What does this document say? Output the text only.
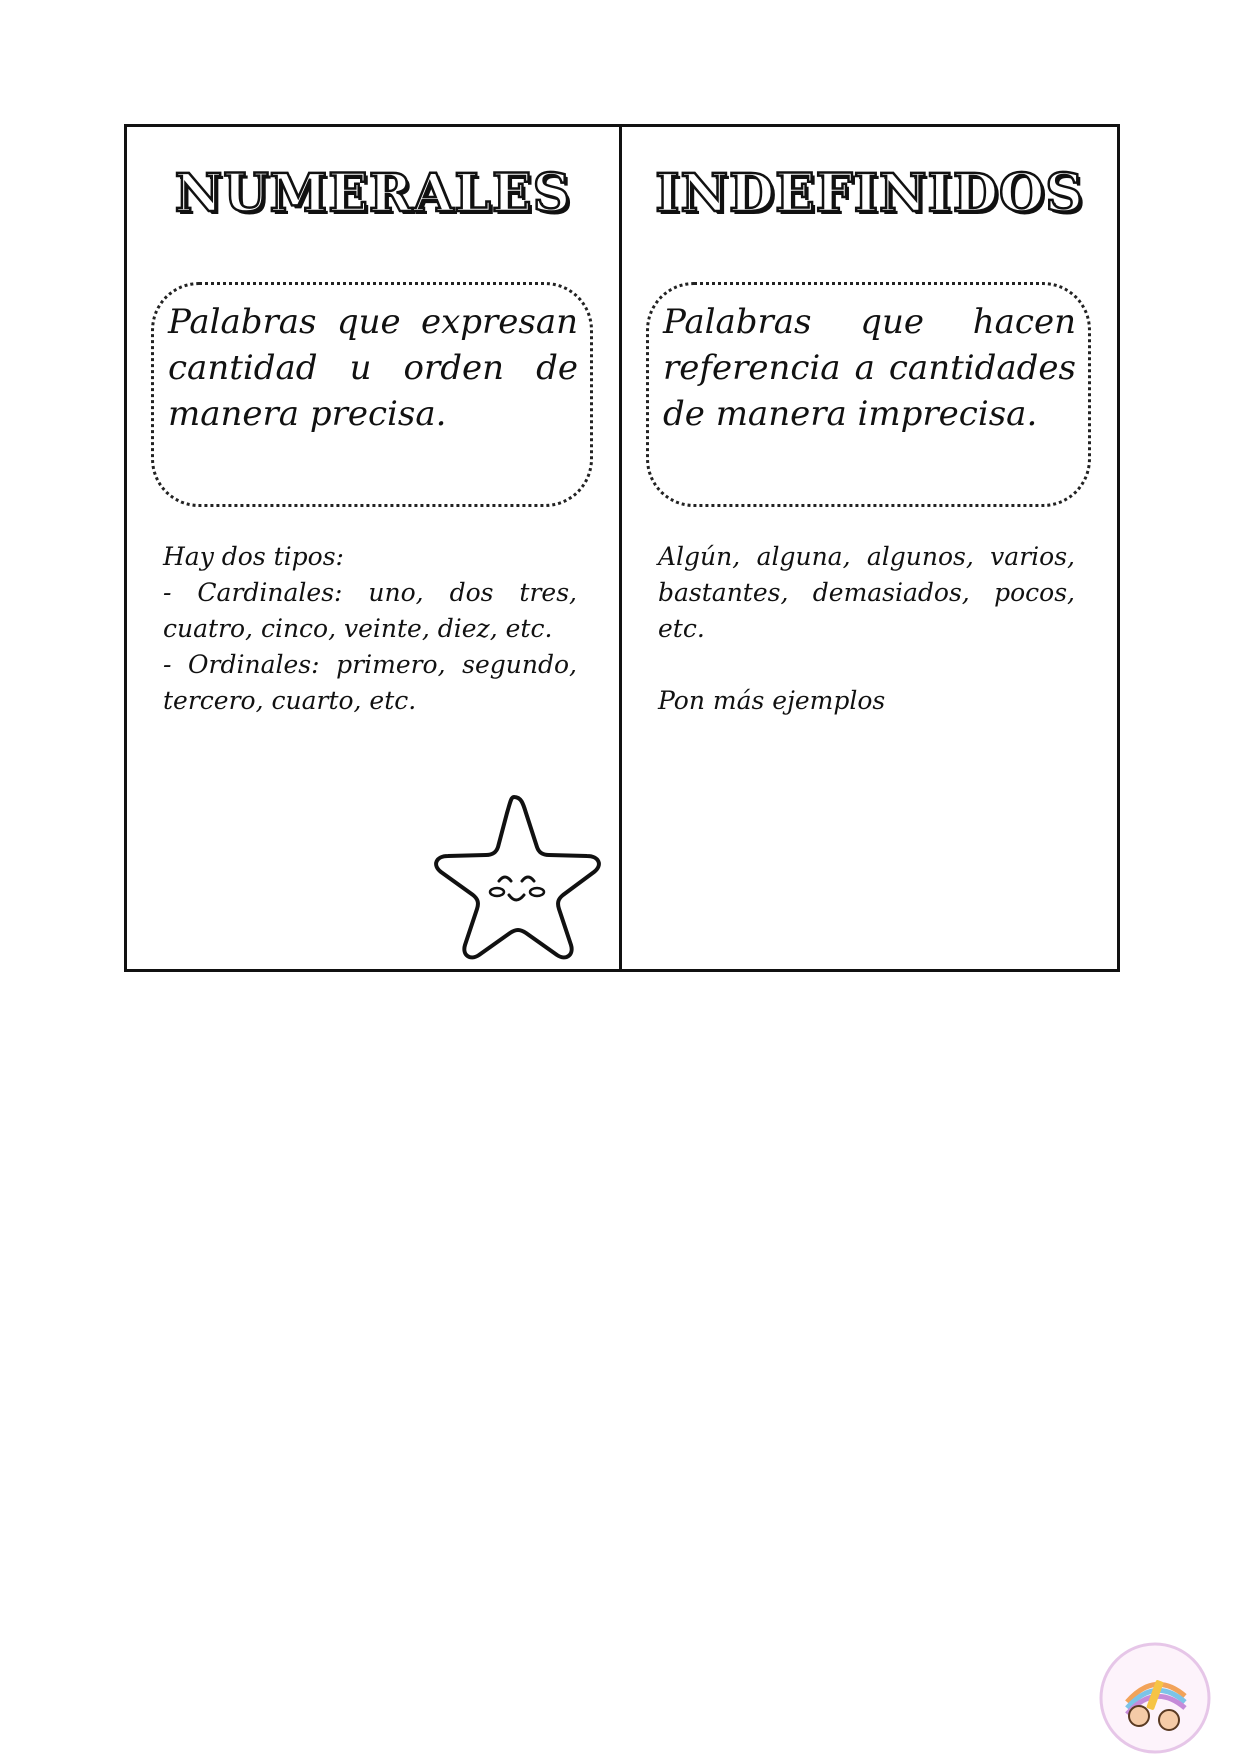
NUMERALES
Palabras que expresan cantidad u orden de manera precisa.

Hay dos tipos:

- Cardinales: uno, dos tres, cuatro, cinco, veinte, diez, etc.

- Ordinales: primero, segundo, tercero, cuarto, etc.

INDEFINIDOS
Palabras que hacen referencia a cantidades de manera imprecisa.

Algún, alguna, algunos, varios, bastantes, demasiados, pocos, etc.

Pon más ejemplos
